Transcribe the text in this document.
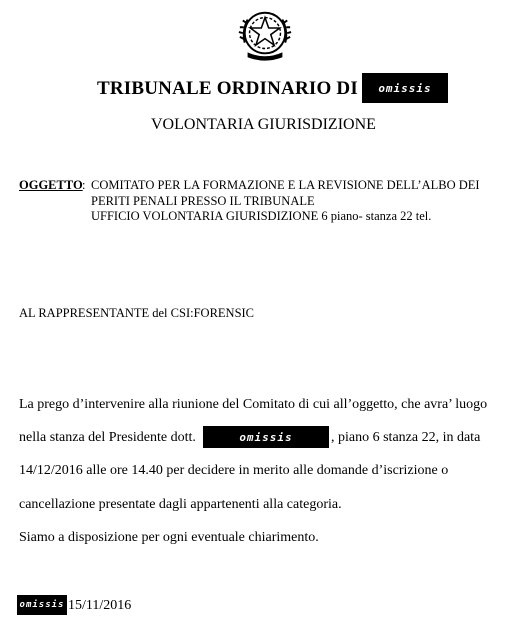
TRIBUNALE ORDINARIO DI	omissis
VOLONTARIA GIURISDIZIONE
OGGETTO : COMITATO PER LA FORMAZIONE E LA REVISIONE DELL’ALBO DEI
PERITI PENALI PRESSO IL TRIBUNALE
UFFICIO VOLONTARIA GIURISDIZIONE 6 piano- stanza 22 tel.
AL RAPPRESENTANTE del CSI:FORENSIC
La prego d’intervenire alla riunione del Comitato di cui all’oggetto, che avra’ luogo
nella stanza del Presidente dott.	omissis	, piano 6 stanza 22, in data
14/12/2016 alle ore 14.40 per decidere in merito alle domande d’iscrizione o
cancellazione presentate dagli appartenenti alla categoria.
Siamo a disposizione per ogni eventuale chiarimento.
omissis 15/11/2016
